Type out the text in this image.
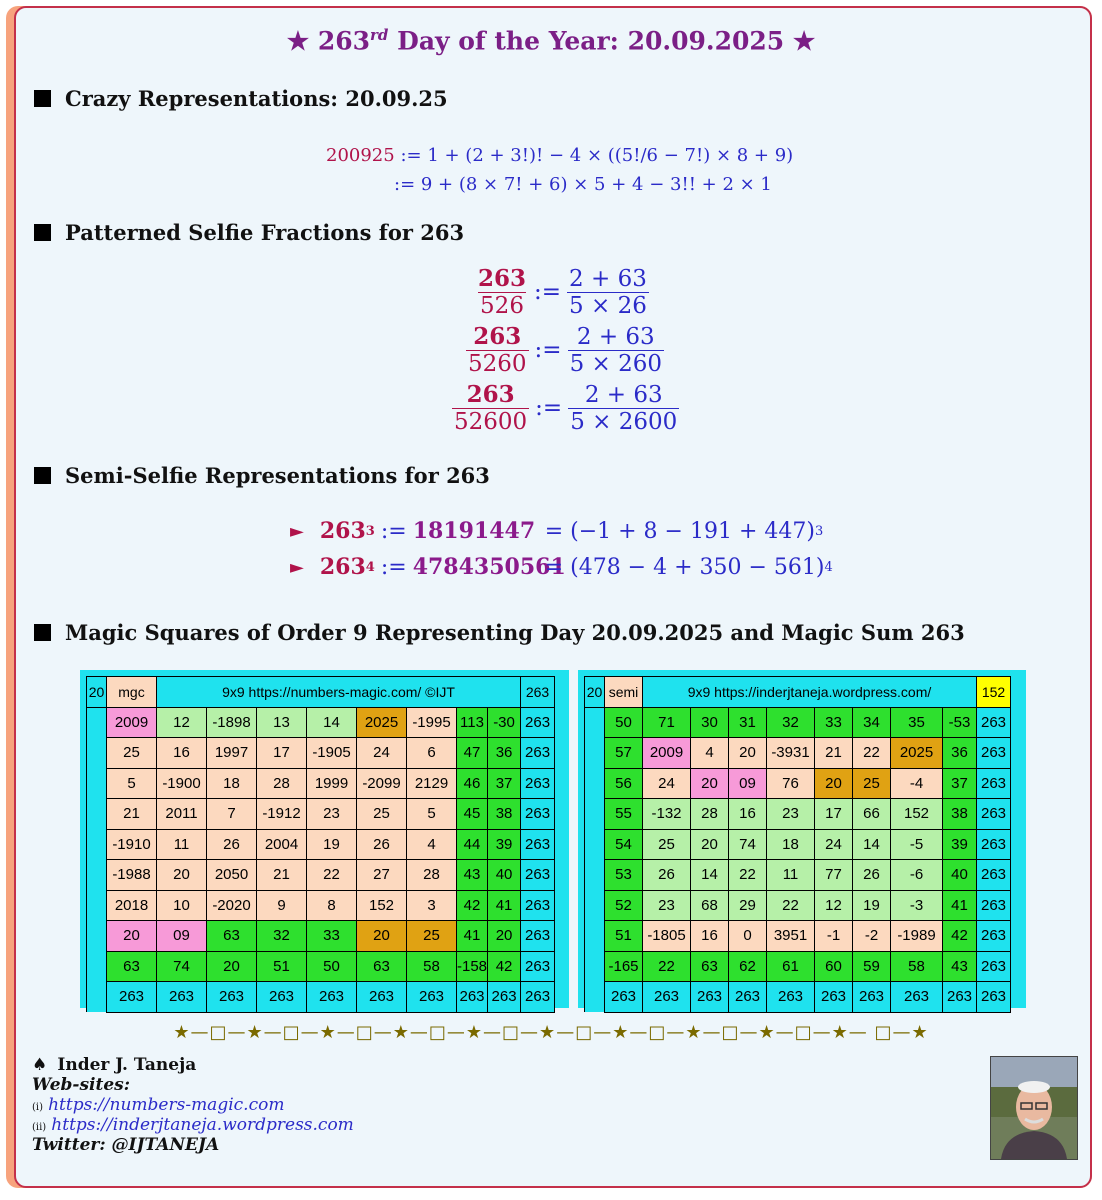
★ 263rd Day of the Year: 20.09.2025 ★
Crazy Representations: 20.09.25
200925 := 1 + (2 + 3!)! − 4 × ((5!/6 − 7!) × 8 + 9)
:= 9 + (8 × 7! + 6) × 5 + 4 − 3!! + 2 × 1
Patterned Selfie Fractions for 263
$\frac{263}{526}$ := $\frac{2 + 63}{5 \times 26}$
$\frac{263}{5260}$ := $\frac{2 + 63}{5 \times 260}$
$\frac{263}{52600}$ := $\frac{2 + 63}{5 \times 2600}$
Semi-Selfie Representations for 263
► 263 3 := 18191447 = (−1 + 8 − 191 + 447) 3
► 263 4 := 4784350561
= (478 − 4 + 350 − 561) 4
Magic Squares of Order 9 Representing Day 20.09.2025 and Magic Sum 263
20	mgc	9x9 https://numbers-magic.com/ ©IJT								263
	2009	12	-1898	13	14	2025	-1995	113	-30	263
	25	16	1997	17	-1905	24	6	47	36	263
	5	-1900	18	28	1999	-2099	2129	46	37	263
	21	2011	7	-1912	23	25	5	45	38	263
	-1910	11	26	2004	19	26	4	44	39	263
	-1988	20	2050	21	22	27	28	43	40	263
	2018	10	-2020	9	8	152	3	42	41	263
	20	09	63	32	33	20	25	41	20	263
	63	74	20	51	50	63	58	-158	42	263
	263	263	263	263	263	263	263	263	263	263
20	semi	9x9 https://inderjtaneja.wordpress.com/								152
	50	71	30	31	32	33	34	35	-53	263
	57	2009	4	20	-3931	21	22	2025	36	263
	56	24	20	09	76	20	25	-4	37	263
	55	-132	28	16	23	17	66	152	38	263
	54	25	20	74	18	24	14	-5	39	263
	53	26	14	22	11	77	26	-6	40	263
	52	23	68	29	22	12	19	-3	41	263
	51	-1805	16	0	3951	-1	-2	-1989	42	263
	-165	22	63	62	61	60	59	58	43	263
	263	263	263	263	263	263	263	263	263	263
★—□—★—□—★—□—★—□—★—□—★—□—★—□—★—□—★—□—★— □—★
♠ Inder J. Taneja
Web-sites:
(i) https://numbers-magic.com
(ii) https://inderjtaneja.wordpress.com
Twitter: @IJTANEJA
